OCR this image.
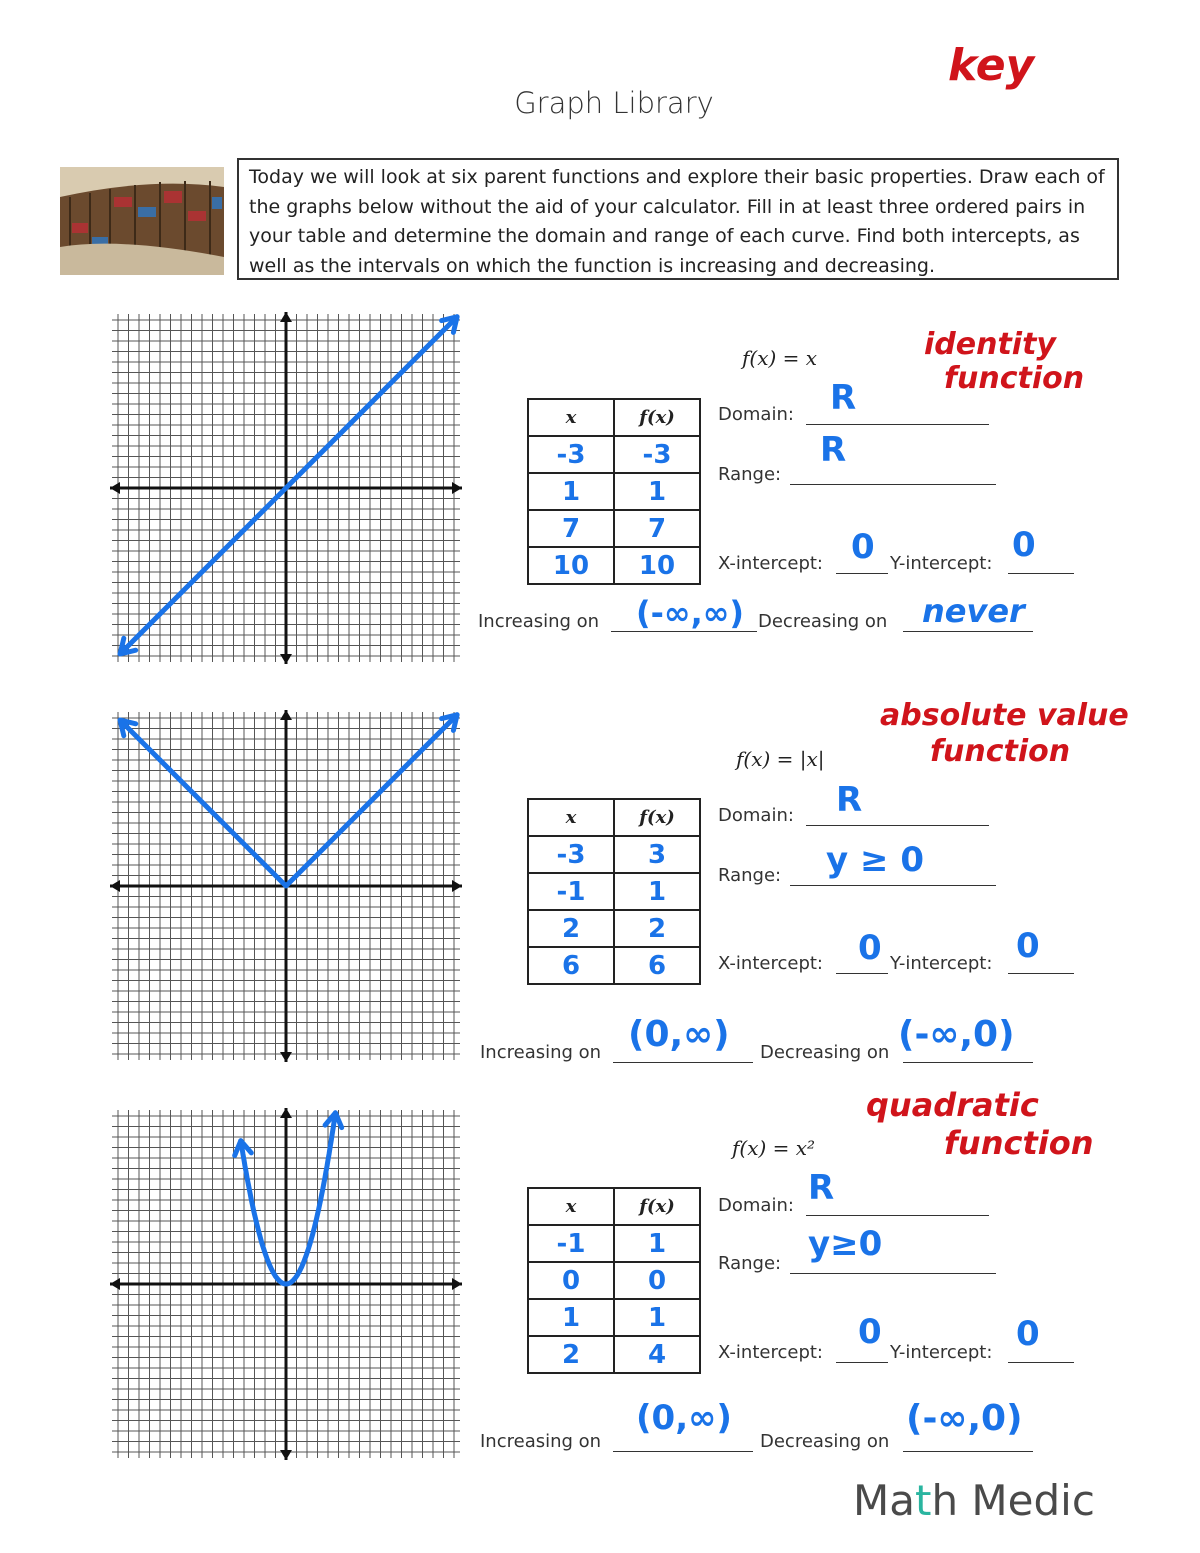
Graph Library
key
Today we will look at six parent functions and explore their basic properties. Draw each of the graphs below without the aid of your calculator. Fill in at least three ordered pairs in your table and determine the domain and range of each curve. Find both intercepts, as well as the intervals on which the function is increasing and decreasing.
f(x) = x	identity
function
x	f(x)
-3	-3
1	1
7	7
10	10
Domain: R
Range:
R
X-intercept: 0 Y-intercept: 0
Increasing on (-∞,∞) Decreasing on never
f(x) = |x|
absolute value
function
x	f(x)
-3	3
-1	1
2	2
6	6
Domain: R
Range: y ≥ 0
X-intercept: 0 Y-intercept: 0
Increasing on (0,∞) Decreasing on (-∞,0)
f(x) = x²
quadratic
function
x	f(x)
-1	1
0	0
1	1
2	4
Domain: R
Range: y≥0
X-intercept:
0
Y-intercept: 0
Increasing on
(0,∞)
Decreasing on
(-∞,0)
Math Medic
